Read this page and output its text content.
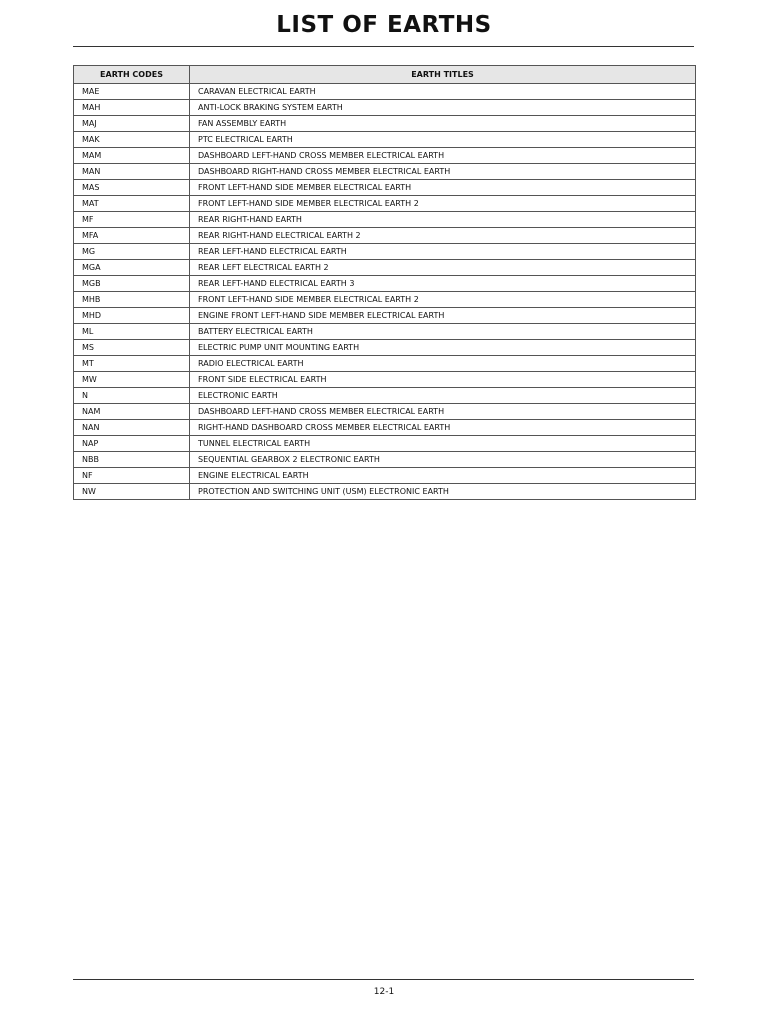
LIST OF EARTHS
EARTH CODES	EARTH TITLES
MAE	CARAVAN ELECTRICAL EARTH
MAH	ANTI-LOCK BRAKING SYSTEM EARTH
MAJ	FAN ASSEMBLY EARTH
MAK	PTC ELECTRICAL EARTH
MAM	DASHBOARD LEFT-HAND CROSS MEMBER ELECTRICAL EARTH
MAN	DASHBOARD RIGHT-HAND CROSS MEMBER ELECTRICAL EARTH
MAS	FRONT LEFT-HAND SIDE MEMBER ELECTRICAL EARTH
MAT	FRONT LEFT-HAND SIDE MEMBER ELECTRICAL EARTH 2
MF	REAR RIGHT-HAND EARTH
MFA	REAR RIGHT-HAND ELECTRICAL EARTH 2
MG	REAR LEFT-HAND ELECTRICAL EARTH
MGA	REAR LEFT ELECTRICAL EARTH 2
MGB	REAR LEFT-HAND ELECTRICAL EARTH 3
MHB	FRONT LEFT-HAND SIDE MEMBER ELECTRICAL EARTH 2
MHD	ENGINE FRONT LEFT-HAND SIDE MEMBER ELECTRICAL EARTH
ML	BATTERY ELECTRICAL EARTH
MS	ELECTRIC PUMP UNIT MOUNTING EARTH
MT	RADIO ELECTRICAL EARTH
MW	FRONT SIDE ELECTRICAL EARTH
N	ELECTRONIC EARTH
NAM	DASHBOARD LEFT-HAND CROSS MEMBER ELECTRICAL EARTH
NAN	RIGHT-HAND DASHBOARD CROSS MEMBER ELECTRICAL EARTH
NAP	TUNNEL ELECTRICAL EARTH
NBB	SEQUENTIAL GEARBOX 2 ELECTRONIC EARTH
NF	ENGINE ELECTRICAL EARTH
NW	PROTECTION AND SWITCHING UNIT (USM) ELECTRONIC EARTH
12-1
